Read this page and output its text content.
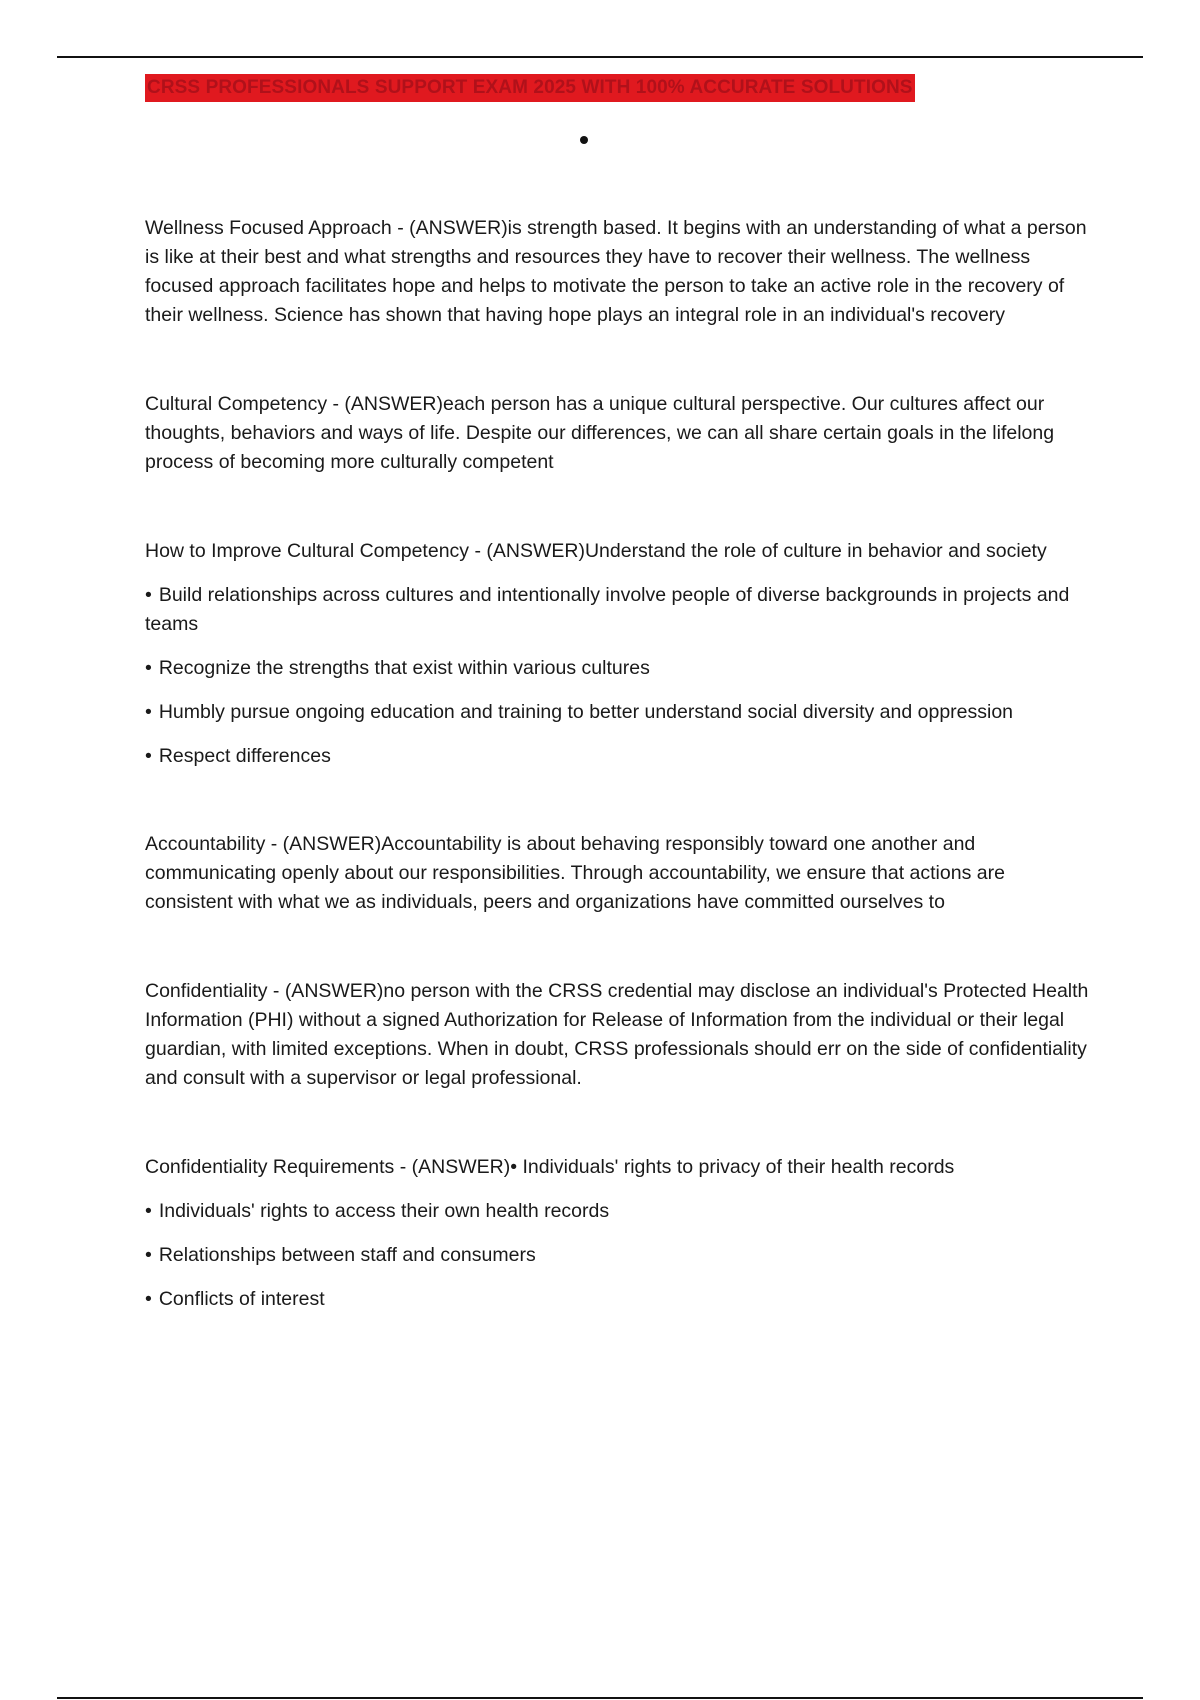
CRSS PROFESSIONALS SUPPORT EXAM 2025 WITH 100% ACCURATE SOLUTIONS

Wellness Focused Approach - (ANSWER)is strength based. It begins with an understanding of what a person is like at their best and what strengths and resources they have to recover their wellness. The wellness focused approach facilitates hope and helps to motivate the person to take an active role in the recovery of their wellness. Science has shown that having hope plays an integral role in an individual's recovery

Cultural Competency - (ANSWER)each person has a unique cultural perspective. Our cultures affect our thoughts, behaviors and ways of life. Despite our differences, we can all share certain goals in the lifelong process of becoming more culturally competent

How to Improve Cultural Competency - (ANSWER)Understand the role of culture in behavior and society

• Build relationships across cultures and intentionally involve people of diverse backgrounds in projects and teams
• Recognize the strengths that exist within various cultures
• Humbly pursue ongoing education and training to better understand social diversity and oppression
• Respect differences

Accountability - (ANSWER)Accountability is about behaving responsibly toward one another and communicating openly about our responsibilities. Through accountability, we ensure that actions are consistent with what we as individuals, peers and organizations have committed ourselves to

Confidentiality - (ANSWER)no person with the CRSS credential may disclose an individual's Protected Health Information (PHI) without a signed Authorization for Release of Information from the individual or their legal guardian, with limited exceptions. When in doubt, CRSS professionals should err on the side of confidentiality and consult with a supervisor or legal professional.

Confidentiality Requirements - (ANSWER)• Individuals' rights to privacy of their health records

• Individuals' rights to access their own health records
• Relationships between staff and consumers
• Conflicts of interest
